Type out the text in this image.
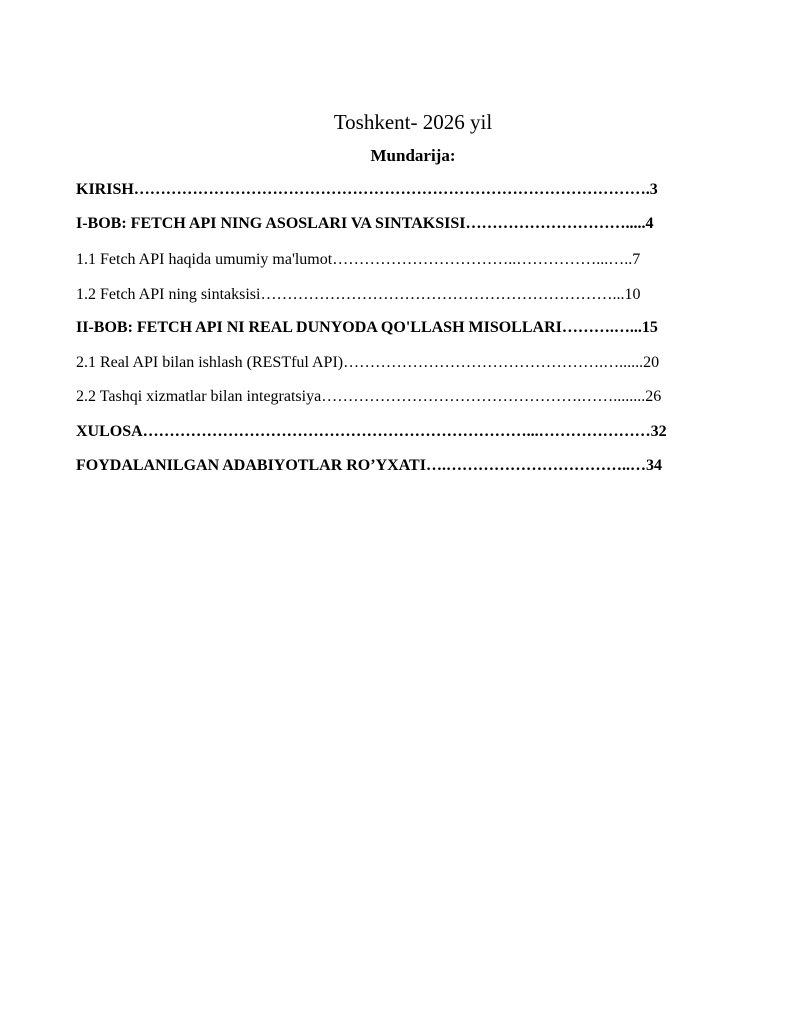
Toshkent- 2026 yil
Mundarija:
KIRISH…………………………………………………………………………………….3
I-BOB: FETCH API NING ASOSLARI VA SINTAKSISI………………………….....4
1.1 Fetch API haqida umumiy ma'lumot……………………………..……………...…..7
1.2 Fetch API ning sintaksisi…………………………………………………………...10
II-BOB: FETCH API NI REAL DUNYODA QO'LLASH MISOLLARI……….…...15
2.1 Real API bilan ishlash (RESTful API)………………………………………….…......20
2.2 Tashqi xizmatlar bilan integratsiya………………………………………….……........26
XULOSA………………………………………………………………...…………………32
FOYDALANILGAN ADABIYOTLAR RO’YXATI….……………………………..…34
